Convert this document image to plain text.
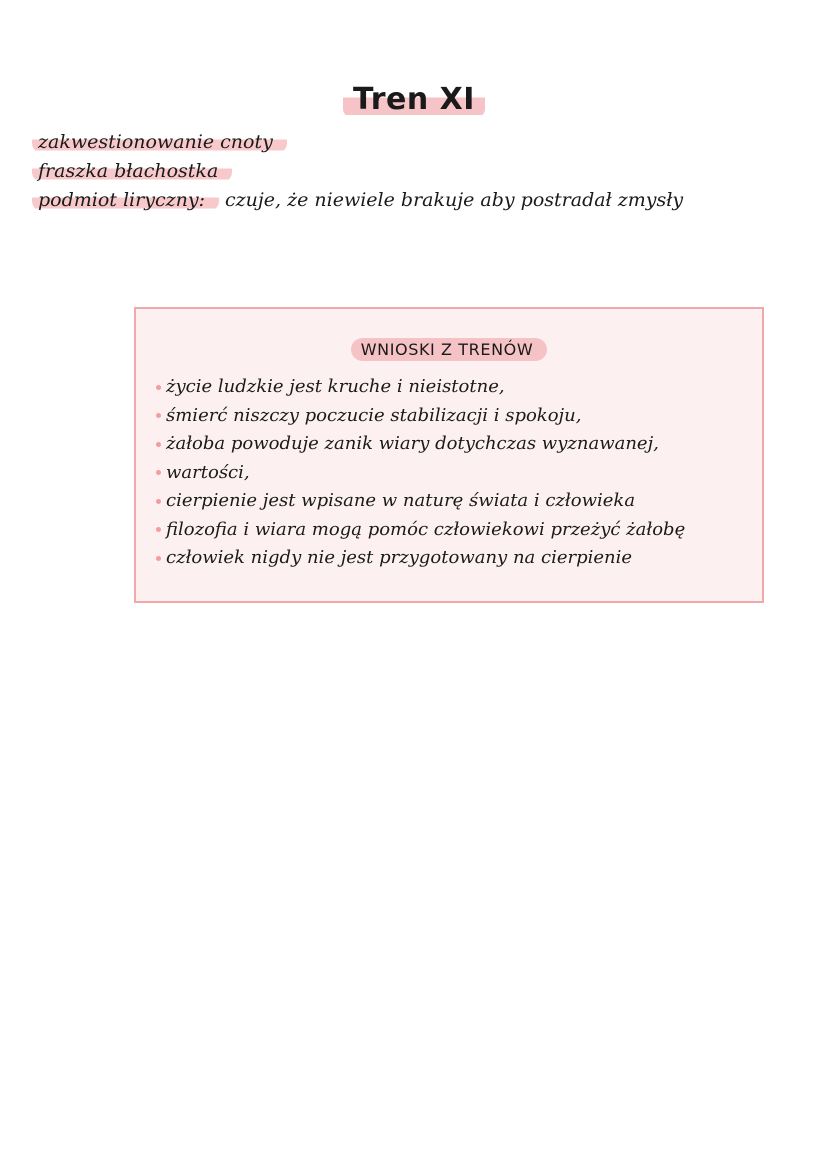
Tren XI
zakwestionowanie cnoty
fraszka błachostka
podmiot liryczny: czuje, że niewiele brakuje aby postradał zmysły
WNIOSKI Z TRENÓW
życie ludzkie jest kruche i nieistotne,
śmierć niszczy poczucie stabilizacji i spokoju,
żałoba powoduje zanik wiary dotychczas wyznawanej,
wartości,
cierpienie jest wpisane w naturę świata i człowieka
filozofia i wiara mogą pomóc człowiekowi przeżyć żałobę
człowiek nigdy nie jest przygotowany na cierpienie
